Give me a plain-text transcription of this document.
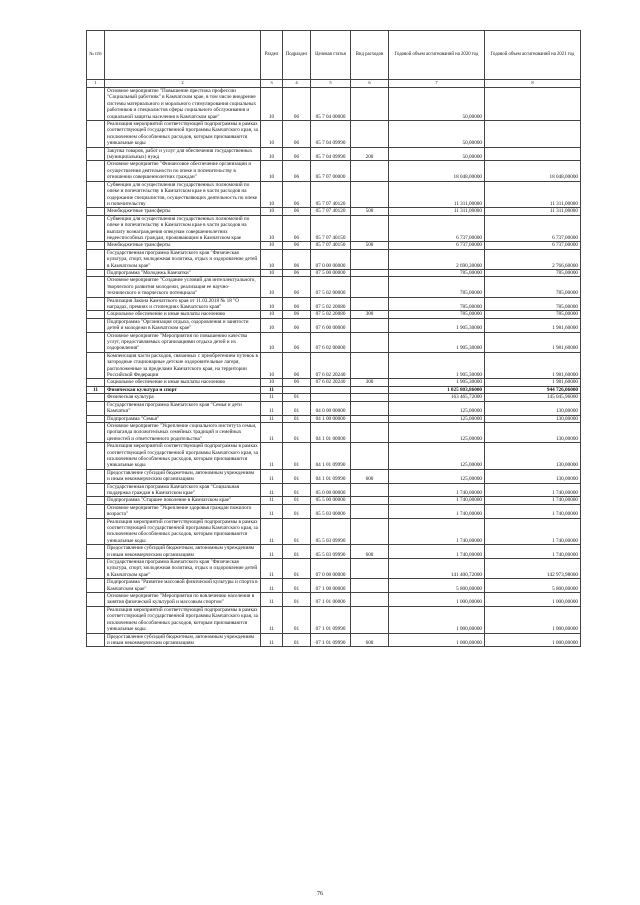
№ п/п		Раздел	Подраздел	Целевая статья	Вид расходов	Годовой объем ассигнований на 2020 год	Годовой объем ассигнований на 2021 год
1	2	3	4	5	6	7	8
	Основное мероприятие "Повышение престижа профессии "Социальный работник" в Камчатском крае, в том числе внедрение системы материального и морального стимулирования социальных работников и специалистов сферы социального обслуживания и социальной защиты населения в Камчатском крае"	10	06	05 7 04 00000		50,00000	
	Реализация мероприятий соответствующей подпрограммы в рамках соответствующей государственной программы Камчатского края, за исключением обособленных расходов, которым присваиваются уникальные коды	10	06	05 7 04 09990		50,00000	
	Закупка товаров, работ и услуг для обеспечения государственных (муниципальных) нужд	10	06	05 7 04 09990	200	50,00000	
	Основное мероприятие "Финансовое обеспечение организации и осуществления деятельности по опеке и попечительству в отношении совершеннолетних граждан"	10	06	05 7 07 00000		18 048,00000	18 048,00000
	Субвенции для осуществления государственных полномочий по опеке и попечительству в Камчатском крае в части расходов на содержание специалистов, осуществляющих деятельность по опеке и попечительству	10	06	05 7 07 40120		11 311,00000	11 311,00000
	Межбюджетные трансферты	10	06	05 7 07 40120	500	11 311,00000	11 311,00000
	Субвенции для осуществления государственных полномочий по опеке и попечительству в Камчатском крае в части расходов на выплату вознаграждения опекунам совершеннолетних недееспособных граждан, проживающим в Камчатском крае	10	06	05 7 07 40150		6 737,00000	6 737,00000
	Межбюджетные трансферты	10	06	05 7 07 40150	500	6 737,00000	6 737,00000
	Государственная программа Камчатского края "Физическая культура, спорт, молодежная политика, отдых и оздоровление детей в Камчатском крае"	10	06	07 0 00 00000		2 690,30000	2 766,60000
	Подпрограмма "Молодежь Камчатки"	10	06	07 5 00 00000		785,00000	785,00000
	Основное мероприятие "Создание условий для интеллектуального, творческого развития молодежи, реализация ее научно-технического и творческого потенциала"	10	06	07 5 02 00000		785,00000	785,00000
	Реализация Закона Камчатского края от 11.03.2018 № 18 "О наградах, премиях и стипендиях Камчатского края"	10	06	07 5 02 20080		785,00000	785,00000
	Социальное обеспечение и иные выплаты населению	10	06	07 5 02 20080	300	785,00000	785,00000
	Подпрограмма "Организация отдыха, оздоровления и занятости детей и молодежи в Камчатском крае"	10	06	07 6 00 00000		1 905,30000	1 981,60000
	Основное мероприятие "Мероприятия по повышению качества услуг, предоставляемых организациями отдыха детей и их оздоровления"	10	06	07 6 02 00000		1 905,30000	1 981,60000
	Компенсация части расходов, связанных с приобретением путевок в загородные стационарные детские оздоровительные лагеря, расположенные за пределами Камчатского края, на территории Российской Федерации	10	06	07 6 02 20240		1 905,30000	1 981,60000
	Социальное обеспечение и иные выплаты населению	10	06	07 6 02 20240	300	1 905,30000	1 981,60000
11	Физическая культура и спорт	11				1 025 803,86000	944 726,06000
	Физическая культура	11	01			163 465,72000	145 045,96000
	Государственная программа Камчатского края "Семья и дети Камчатки"	11	01	04 0 00 00000		125,00000	130,00000
	Подпрограмма "Семья"	11	01	04 1 00 00000		125,00000	130,00000
	Основное мероприятие "Укрепление социального института семьи, пропаганда положительных семейных традиций и семейных ценностей и ответственного родительства"	11	01	04 1 01 00000		125,00000	130,00000
	Реализация мероприятий соответствующей подпрограммы в рамках соответствующей государственной программы Камчатского края, за исключением обособленных расходов, которым присваиваются уникальные коды	11	01	04 1 01 09990		125,00000	130,00000
	Предоставление субсидий бюджетным, автономным учреждениям и иным некоммерческим организациям	11	01	04 1 01 09990	600	125,00000	130,00000
	Государственная программа Камчатского края "Социальная поддержка граждан в Камчатском крае"	11	01	05 0 00 00000		1 740,00000	1 740,00000
	Подпрограмма "Старшее поколение в Камчатском крае"	11	01	05 5 00 00000		1 740,00000	1 740,00000
	Основное мероприятие "Укрепление здоровья граждан пожилого возраста"	11	01	05 5 03 00000		1 740,00000	1 740,00000
	Реализация мероприятий соответствующей подпрограммы в рамках соответствующей государственной программы Камчатского края, за исключением обособленных расходов, которым присваиваются уникальные коды	11	01	05 5 03 09990		1 740,00000	1 740,00000
	Предоставление субсидий бюджетным, автономным учреждениям и иным некоммерческим организациям	11	01	05 5 03 09990	600	1 740,00000	1 740,00000
	Государственная программа Камчатского края "Физическая культура, спорт, молодежная политика, отдых и оздоровление детей в Камчатском крае"	11	01	07 0 00 00000		141 400,72000	142 973,98000
	Подпрограмма "Развитие массовой физической культуры и спорта в Камчатском крае"	11	01	07 1 00 00000		5 800,00000	5 800,00000
	Основное мероприятие "Мероприятия по вовлечению населения в занятия физической культурой и массовым спортом"	11	01	07 1 01 00000		1 000,00000	1 000,00000
	Реализация мероприятий соответствующей подпрограммы в рамках соответствующей государственной программы Камчатского края, за исключением обособленных расходов, которым присваиваются уникальные коды	11	01	07 1 01 09990		1 000,00000	1 000,00000
	Предоставление субсидий бюджетным, автономным учреждениям и иным некоммерческим организациям	11	01	07 1 01 09990	600	1 000,00000	1 000,00000
76
